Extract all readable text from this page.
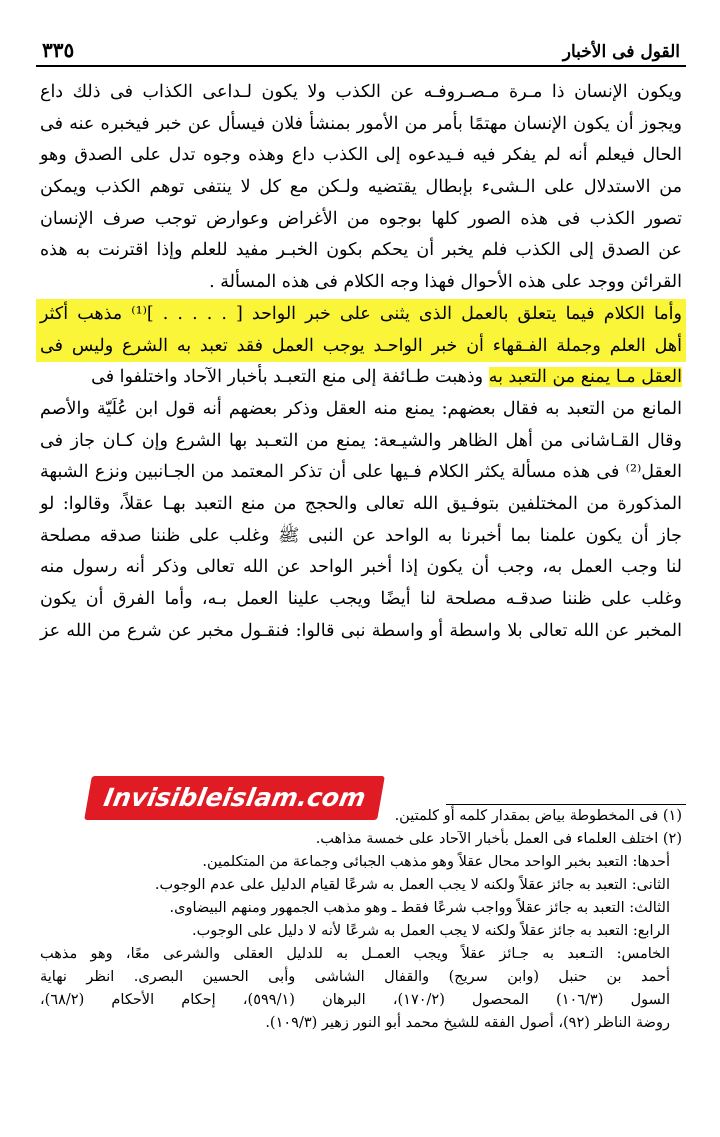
القول فى الأخبار
٣٣٥
ويكون الإنسان ذا مـرة مـصـروفـه عن الكذب ولا يكون لـداعى الكذاب فى ذلك داع
ويجوز أن يكون الإنسان مهتمًا بأمر من الأمور بمنشأ فلان فيسأل عن خبر فيخبره عنه فى
الحال فيعلم أنه لم يفكر فيه فـيدعوه إلى الكذب داع وهذه وجوه تدل على الصدق وهو
من الاستدلال على الـشىء بإبطال يقتضيه ولـكن مع كل لا ينتفى توهم الكذب ويمكن
تصور الكذب فى هذه الصور كلها بوجوه من الأغراض وعوارض توجب صرف الإنسان
عن الصدق إلى الكذب فلم يخبر أن يحكم بكون الخبـر مفيد للعلم وإذا اقترنت به هذه
القرائن ووجد على هذه الأحوال فهذا وجه الكلام فى هذه المسألة .
وأما الكلام فيما يتعلق بالعمل الذى يثنى على خبر الواحد [ . . . . . ]⁽¹⁾ مذهب أكثر
أهل العلم وجملة الفـقهاء أن خبر الواحـد يوجب العمل فقد تعبد به الشرع وليس فى
العقل مـا يمنع من التعبد به وذهبت طـائفة إلى منع التعبـد بأخبار الآحاد واختلفوا فى
المانع من التعبد به فقال بعضهم: يمنع منه العقل وذكر بعضهم أنه قول ابن عُلَيّة والأصم
وقال القـاشانى من أهل الظاهر والشيـعة: يمنع من التعـبد بها الشرع وإن كـان جاز فى
العقل⁽²⁾ فى هذه مسألة يكثر الكلام فـيها على أن تذكر المعتمد من الجـانبين ونزع الشبهة
المذكورة من المختلفين بتوفـيق الله تعالى والحجج من منع التعبد بهـا عقلاً، وقالوا: لو
جاز أن يكون علمنا بما أخبرنا به الواحد عن النبى ﷺ وغلب على ظننا صدقه مصلحة
لنا وجب العمل به، وجب أن يكون إذا أخبر الواحد عن الله تعالى وذكر أنه رسول منه
وغلب على ظننا صدقـه مصلحة لنا أيضًا ويجب علينا العمل بـه، وأما الفرق أن يكون
المخبر عن الله تعالى بلا واسطة أو واسطة نبى قالوا: فنقـول مخبر عن شرع من الله عز
(١) فى المخطوطة بياض بمقدار كلمه أو كلمتين.
(٢) اختلف العلماء فى العمل بأخبار الآحاد على خمسة مذاهب.
أحدها: التعبد بخبر الواحد محال عقلاً وهو مذهب الجبائى وجماعة من المتكلمين.
الثانى: التعبد به جائز عقلاً ولكنه لا يجب العمل به شرعًا لقيام الدليل على عدم الوجوب.
الثالث: التعبد به جائز عقلاً وواجب شرعًا فقط ـ وهو مذهب الجمهور ومنهم البيضاوى.
الرابع: التعبد به جائز عقلاً ولكنه لا يجب العمل به شرعًا لأنه لا دليل على الوجوب.
الخامس: التـعبد به جـائز عقلاً ويجب العمـل به للدليل العقلى والشرعى معًا، وهو مذهب
أحمد بن حنبل (وابن سريج) والقفال الشاشى وأبى الحسين البصرى. انظر نهاية
السول (١٠٦/٣) المحصول (١٧٠/٢)، البرهان (٥٩٩/١)، إحكام الأحكام (٦٨/٢)،
روضة الناظر (٩٢)، أصول الفقه للشيخ محمد أبو النور زهير (١٠٩/٣).
Invisibleislam.com
